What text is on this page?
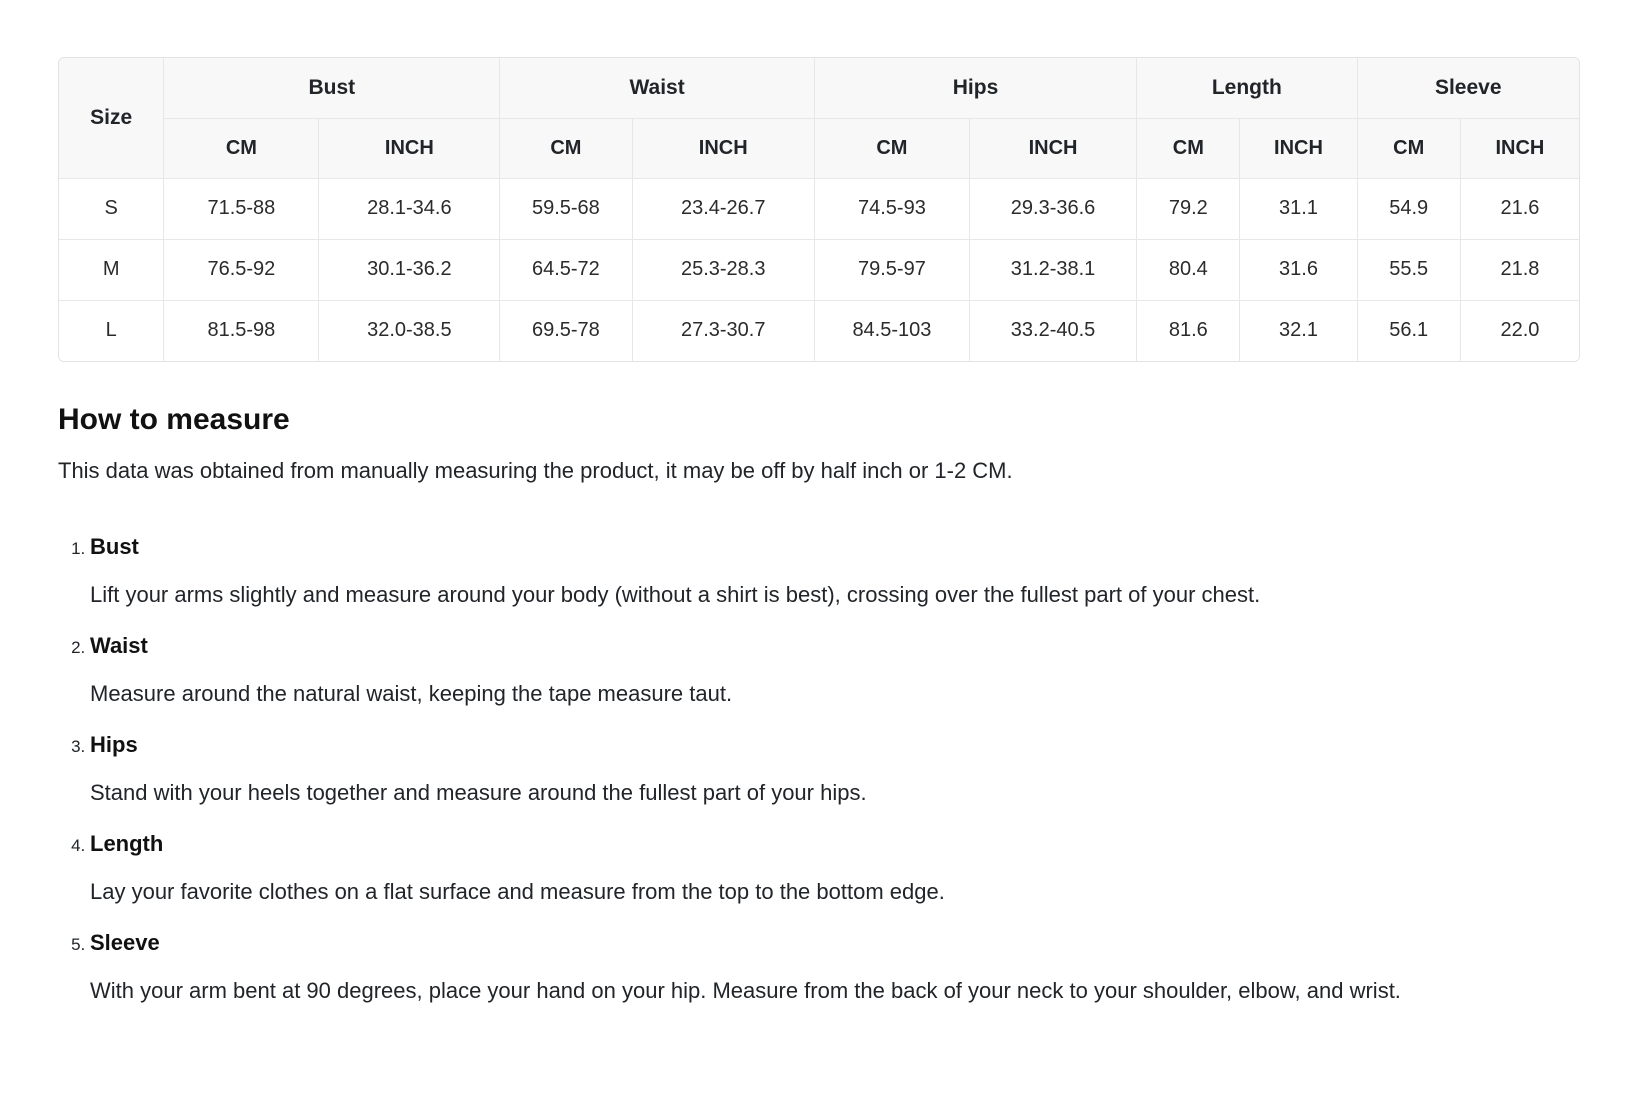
Size	Bust		Waist		Hips		Length		Sleeve	
	CM	INCH	CM	INCH	CM	INCH	CM	INCH	CM	INCH
S	71.5-88	28.1-34.6	59.5-68	23.4-26.7	74.5-93	29.3-36.6	79.2	31.1	54.9	21.6
M	76.5-92	30.1-36.2	64.5-72	25.3-28.3	79.5-97	31.2-38.1	80.4	31.6	55.5	21.8
L	81.5-98	32.0-38.5	69.5-78	27.3-30.7	84.5-103	33.2-40.5	81.6	32.1	56.1	22.0
How to measure

This data was obtained from manually measuring the product, it may be off by half inch or 1-2 CM.

1. Bust
Lift your arms slightly and measure around your body (without a shirt is best), crossing over the fullest part of your chest.
2. Waist
Measure around the natural waist, keeping the tape measure taut.
3. Hips
Stand with your heels together and measure around the fullest part of your hips.
4. Length
Lay your favorite clothes on a flat surface and measure from the top to the bottom edge.
5. Sleeve
With your arm bent at 90 degrees, place your hand on your hip. Measure from the back of your neck to your shoulder, elbow, and wrist.
